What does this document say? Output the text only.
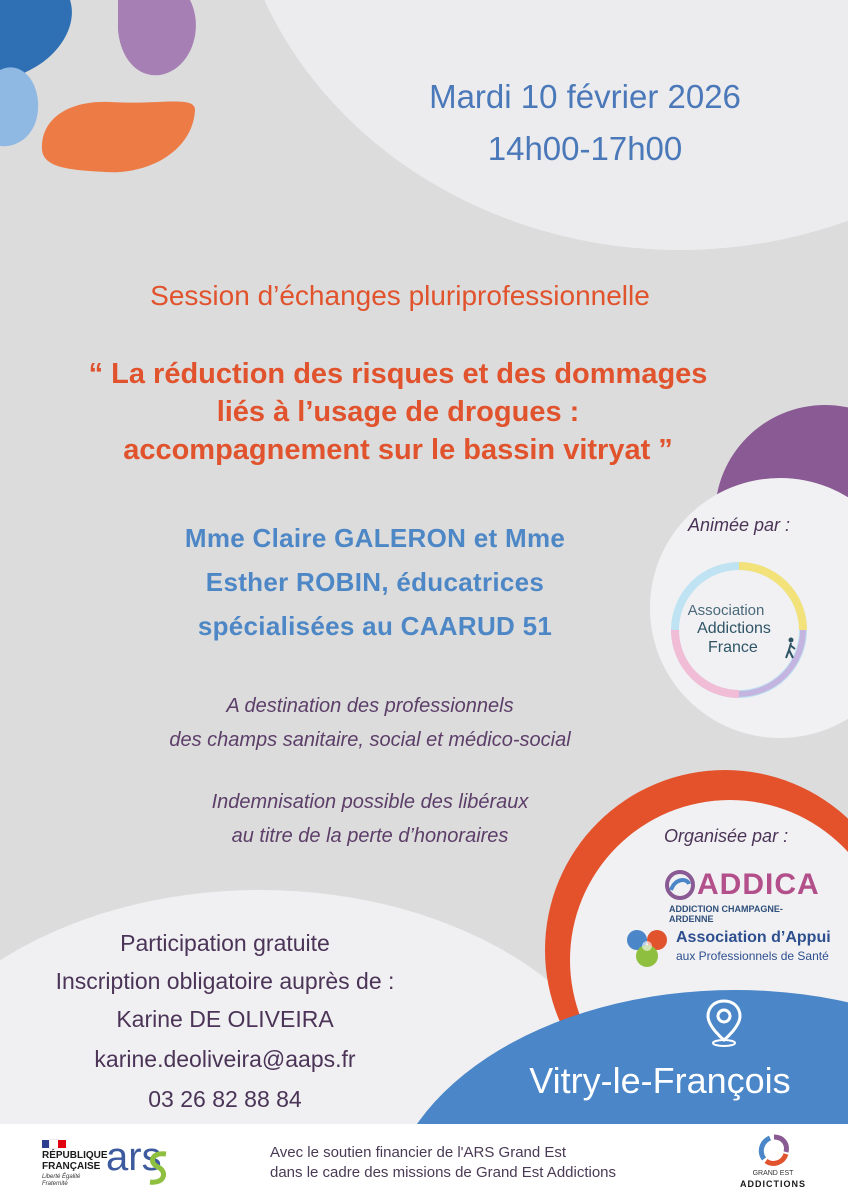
Mardi 10 février 2026
14h00-17h00
Session d’échanges pluriprofessionnelle
“ La réduction des risques et des dommages
liés à l’usage de drogues :
accompagnement sur le bassin vitryat ”
Mme Claire GALERON et Mme
Esther ROBIN, éducatrices
spécialisées au CAARUD 51
A destination des professionnels
des champs sanitaire, social et médico-social
Indemnisation possible des libéraux
au titre de la perte d’honoraires
Animée par :
Association
Addictions
France
Organisée par :
ADDICA
ADDICTION CHAMPAGNE-ARDENNE
Association d’Appui
aux Professionnels de Santé
Participation gratuite
Inscription obligatoire auprès de :
Karine DE OLIVEIRA
karine.deoliveira@aaps.fr
03 26 82 88 84	Vitry-le-François
RÉPUBLIQUE
FRANÇAISE
Liberté Égalité Fraternité
ars	Avec le soutien financier de l'ARS Grand Est
dans le cadre des missions de Grand Est Addictions	GRAND EST
ADDICTIONS
